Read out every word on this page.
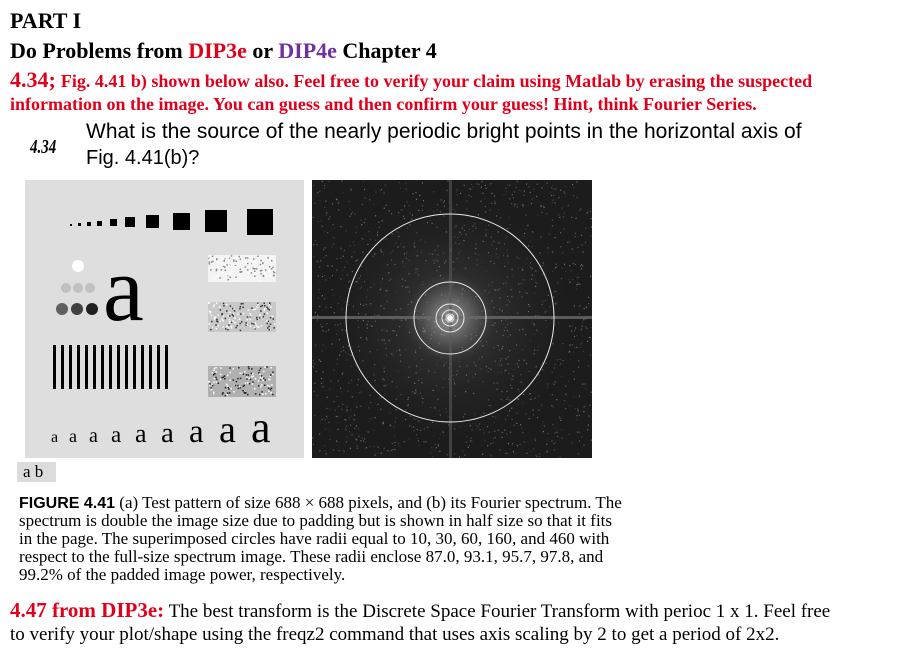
PART I
Do Problems from DIP3e or DIP4e Chapter 4
4.34; Fig. 4.41 b) shown below also. Feel free to verify your claim using Matlab by erasing the suspected
information on the image. You can guess and then confirm your guess! Hint, think Fourier Series.
4.34
What is the source of the nearly periodic bright points in the horizontal axis of
Fig. 4.41(b)?
a
a a a a a a a a a
a b
FIGURE 4.41 (a) Test pattern of size 688 × 688 pixels, and (b) its Fourier spectrum. The
spectrum is double the image size due to padding but is shown in half size so that it fits
in the page. The superimposed circles have radii equal to 10, 30, 60, 160, and 460 with
respect to the full-size spectrum image. These radii enclose 87.0, 93.1, 95.7, 97.8, and
99.2% of the padded image power, respectively.
4.47 from DIP3e: The best transform is the Discrete Space Fourier Transform with perioc 1 x 1. Feel free
to verify your plot/shape using the freqz2 command that uses axis scaling by 2 to get a period of 2x2.
